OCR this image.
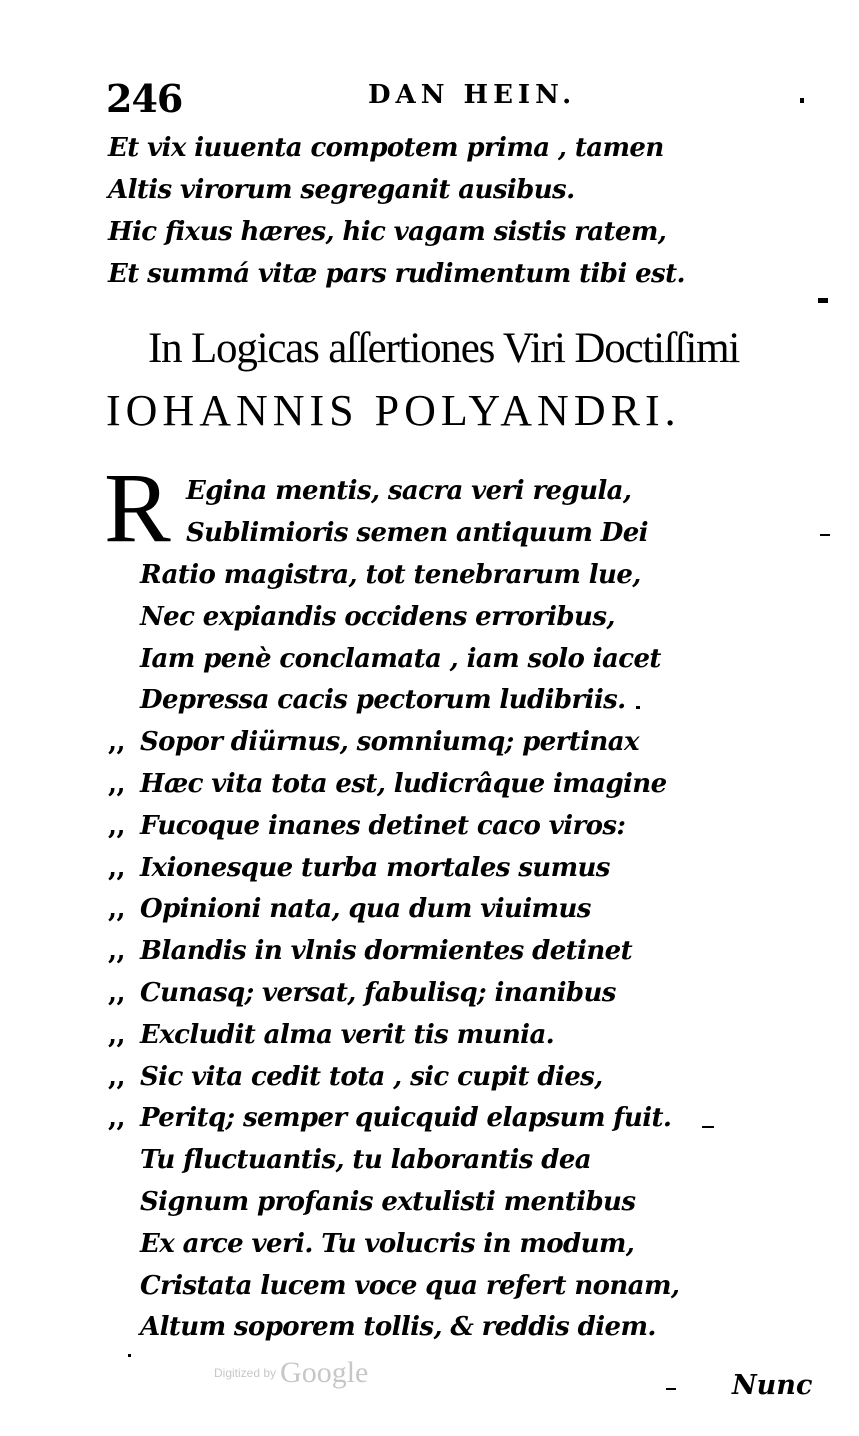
246	DAN HEIN.
Et vix iuuenta compotem prima , tamen
Altis virorum segreganit ausibus.
Hic fixus hæres, hic vagam sistis ratem,
Et summá vitæ pars rudimentum tibi est.
In Logicas aſſertiones Viri Doctiſſimi
IOHANNIS POLYANDRI.
R Egina mentis, sacra veri regula,
Sublimioris semen antiquum Dei
Ratio magistra, tot tenebrarum lue,
Nec expiandis occidens erroribus,
Iam penè conclamata , iam solo iacet
Depressa cacis pectorum ludibriis.
,, Sopor diürnus, somniumq; pertinax
,, Hæc vita tota est, ludicrâque imagine
,, Fucoque inanes detinet caco viros:
,, Ixionesque turba mortales sumus
,, Opinioni nata, qua dum viuimus
,, Blandis in vlnis dormientes detinet
,, Cunasq; versat, fabulisq; inanibus
,, Excludit alma verit tis munia.
,, Sic vita cedit tota , sic cupit dies,
,, Peritq; semper quicquid elapsum fuit.
Tu fluctuantis, tu laborantis dea
Signum profanis extulisti mentibus
Ex arce veri. Tu volucris in modum,
Cristata lucem voce qua refert nonam,
Altum soporem tollis, & reddis diem.
Digitized by Google	Nunc
